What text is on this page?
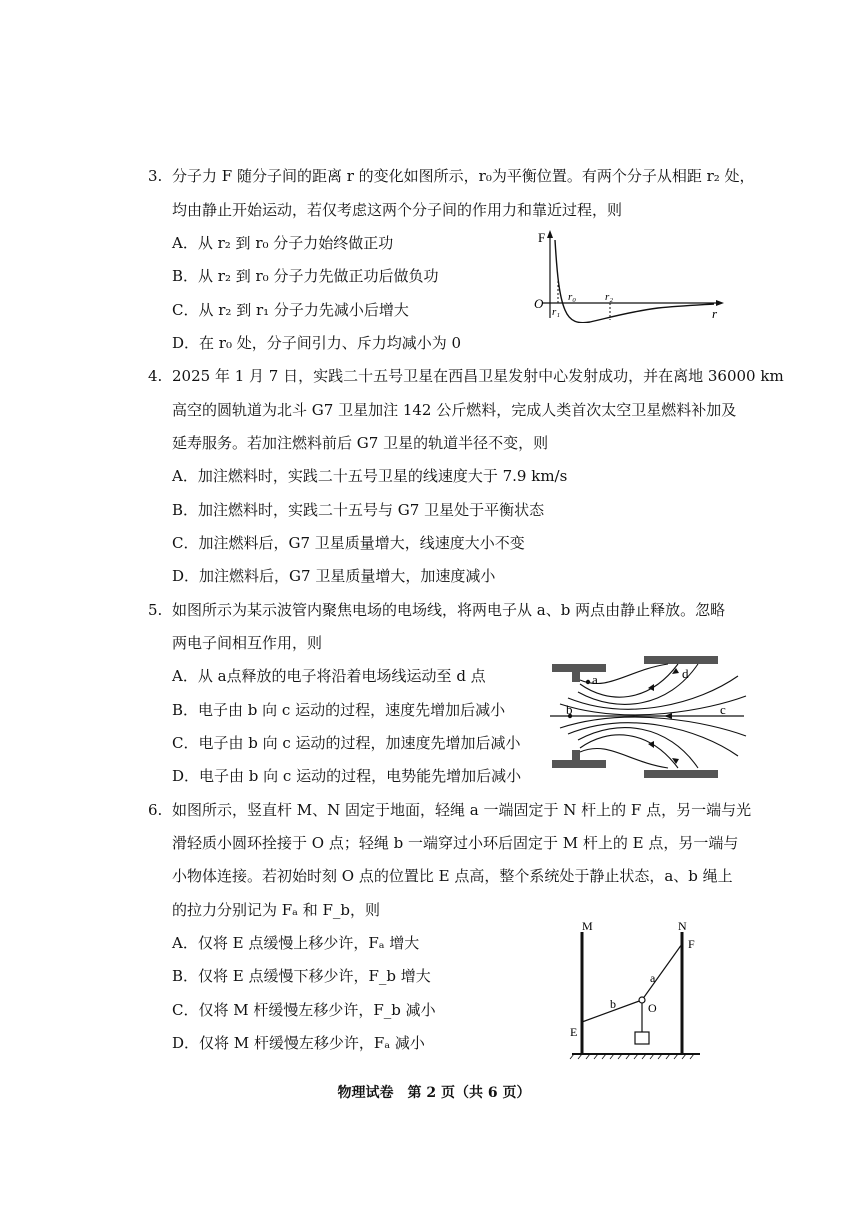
3. 分子力 F 随分子间的距离 r 的变化如图所示，r₀为平衡位置。有两个分子从相距 r₂ 处，
均由静止开始运动，若仅考虑这两个分子间的作用力和靠近过程，则
A．从 r₂ 到 r₀ 分子力始终做正功
B．从 r₂ 到 r₀ 分子力先做正功后做负功
C．从 r₂ 到 r₁ 分子力先减小后增大
D．在 r₀ 处，分子间引力、斥力均减小为 0
F
O
r
r₀
r₁
r₂
4. 2025 年 1 月 7 日，实践二十五号卫星在西昌卫星发射中心发射成功，并在离地 36000 km
高空的圆轨道为北斗 G7 卫星加注 142 公斤燃料，完成人类首次太空卫星燃料补加及
延寿服务。若加注燃料前后 G7 卫星的轨道半径不变，则
A．加注燃料时，实践二十五号卫星的线速度大于 7.9 km/s
B．加注燃料时，实践二十五号与 G7 卫星处于平衡状态
C．加注燃料后，G7 卫星质量增大，线速度大小不变
D．加注燃料后，G7 卫星质量增大，加速度减小
5. 如图所示为某示波管内聚焦电场的电场线，将两电子从 a、b 两点由静止释放。忽略
两电子间相互作用，则
A．从 a点释放的电子将沿着电场线运动至 d 点
B．电子由 b 向 c 运动的过程，速度先增加后减小
C．电子由 b 向 c 运动的过程，加速度先增加后减小
D．电子由 b 向 c 运动的过程，电势能先增加后减小
a	d
b	c
6. 如图所示，竖直杆 M、N 固定于地面，轻绳 a 一端固定于 N 杆上的 F 点，另一端与光
滑轻质小圆环拴接于 O 点；轻绳 b 一端穿过小环后固定于 M 杆上的 E 点，另一端与
小物体连接。若初始时刻 O 点的位置比 E 点高，整个系统处于静止状态，a、b 绳上
的拉力分别记为 Fₐ 和 F_b，则
A．仅将 E 点缓慢上移少许，Fₐ 增大
B．仅将 E 点缓慢下移少许，F_b 增大
C．仅将 M 杆缓慢左移少许，F_b 减小
D．仅将 M 杆缓慢左移少许，Fₐ 减小
M	N
F
E
O
a
b
物理试卷　第 2 页（共 6 页）
